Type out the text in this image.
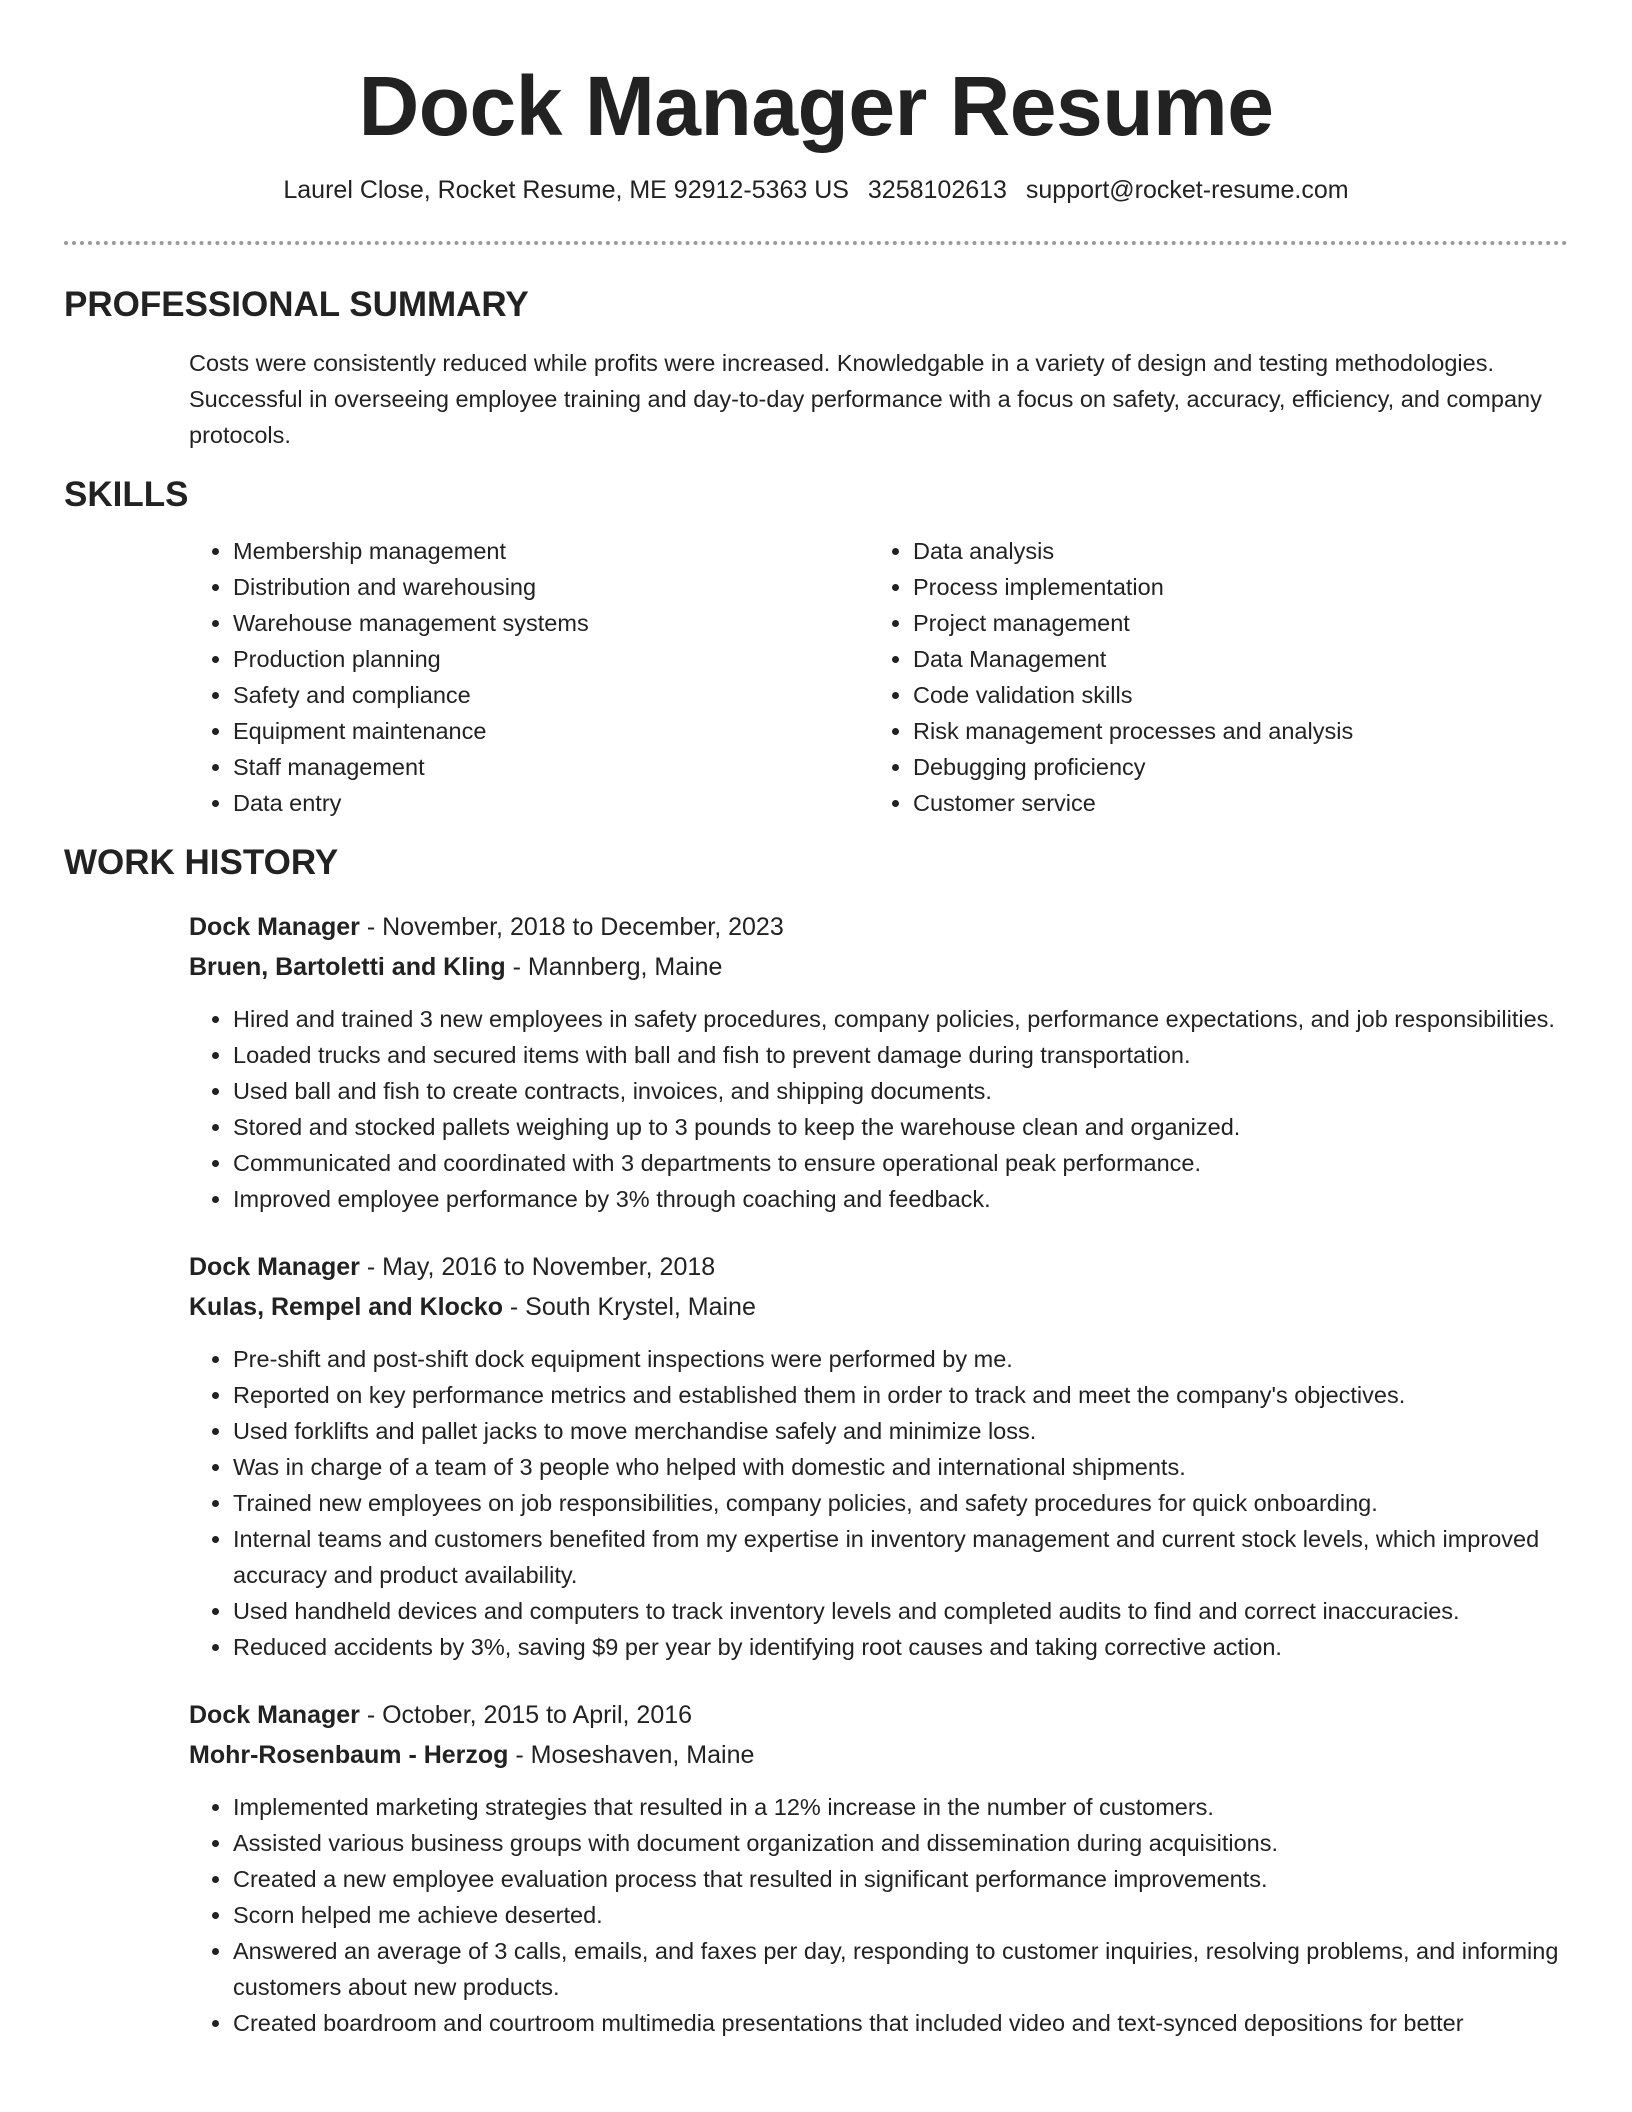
Dock Manager Resume
Laurel Close, Rocket Resume, ME 92912-5363 US 3258102613 support@rocket-resume.com
PROFESSIONAL SUMMARY
Costs were consistently reduced while profits were increased. Knowledgable in a variety of design and testing methodologies. Successful in overseeing employee training and day-to-day performance with a focus on safety, accuracy, efficiency, and company protocols.
SKILLS
• Membership management
• Distribution and warehousing
• Warehouse management systems
• Production planning
• Safety and compliance
• Equipment maintenance
• Staff management
• Data entry
• Data analysis
• Process implementation
• Project management
• Data Management
• Code validation skills
• Risk management processes and analysis
• Debugging proficiency
• Customer service
WORK HISTORY
Dock Manager - November, 2018 to December, 2023
Bruen, Bartoletti and Kling - Mannberg, Maine
• Hired and trained 3 new employees in safety procedures, company policies, performance expectations, and job responsibilities.
• Loaded trucks and secured items with ball and fish to prevent damage during transportation.
• Used ball and fish to create contracts, invoices, and shipping documents.
• Stored and stocked pallets weighing up to 3 pounds to keep the warehouse clean and organized.
• Communicated and coordinated with 3 departments to ensure operational peak performance.
• Improved employee performance by 3% through coaching and feedback.
Dock Manager - May, 2016 to November, 2018
Kulas, Rempel and Klocko - South Krystel, Maine
• Pre-shift and post-shift dock equipment inspections were performed by me.
• Reported on key performance metrics and established them in order to track and meet the company's objectives.
• Used forklifts and pallet jacks to move merchandise safely and minimize loss.
• Was in charge of a team of 3 people who helped with domestic and international shipments.
• Trained new employees on job responsibilities, company policies, and safety procedures for quick onboarding.
• Internal teams and customers benefited from my expertise in inventory management and current stock levels, which improved accuracy and product availability.
• Used handheld devices and computers to track inventory levels and completed audits to find and correct inaccuracies.
• Reduced accidents by 3%, saving $9 per year by identifying root causes and taking corrective action.
Dock Manager - October, 2015 to April, 2016
Mohr-Rosenbaum - Herzog - Moseshaven, Maine
• Implemented marketing strategies that resulted in a 12% increase in the number of customers.
• Assisted various business groups with document organization and dissemination during acquisitions.
• Created a new employee evaluation process that resulted in significant performance improvements.
• Scorn helped me achieve deserted.
• Answered an average of 3 calls, emails, and faxes per day, responding to customer inquiries, resolving problems, and informing customers about new products.
• Created boardroom and courtroom multimedia presentations that included video and text-synced depositions for better
